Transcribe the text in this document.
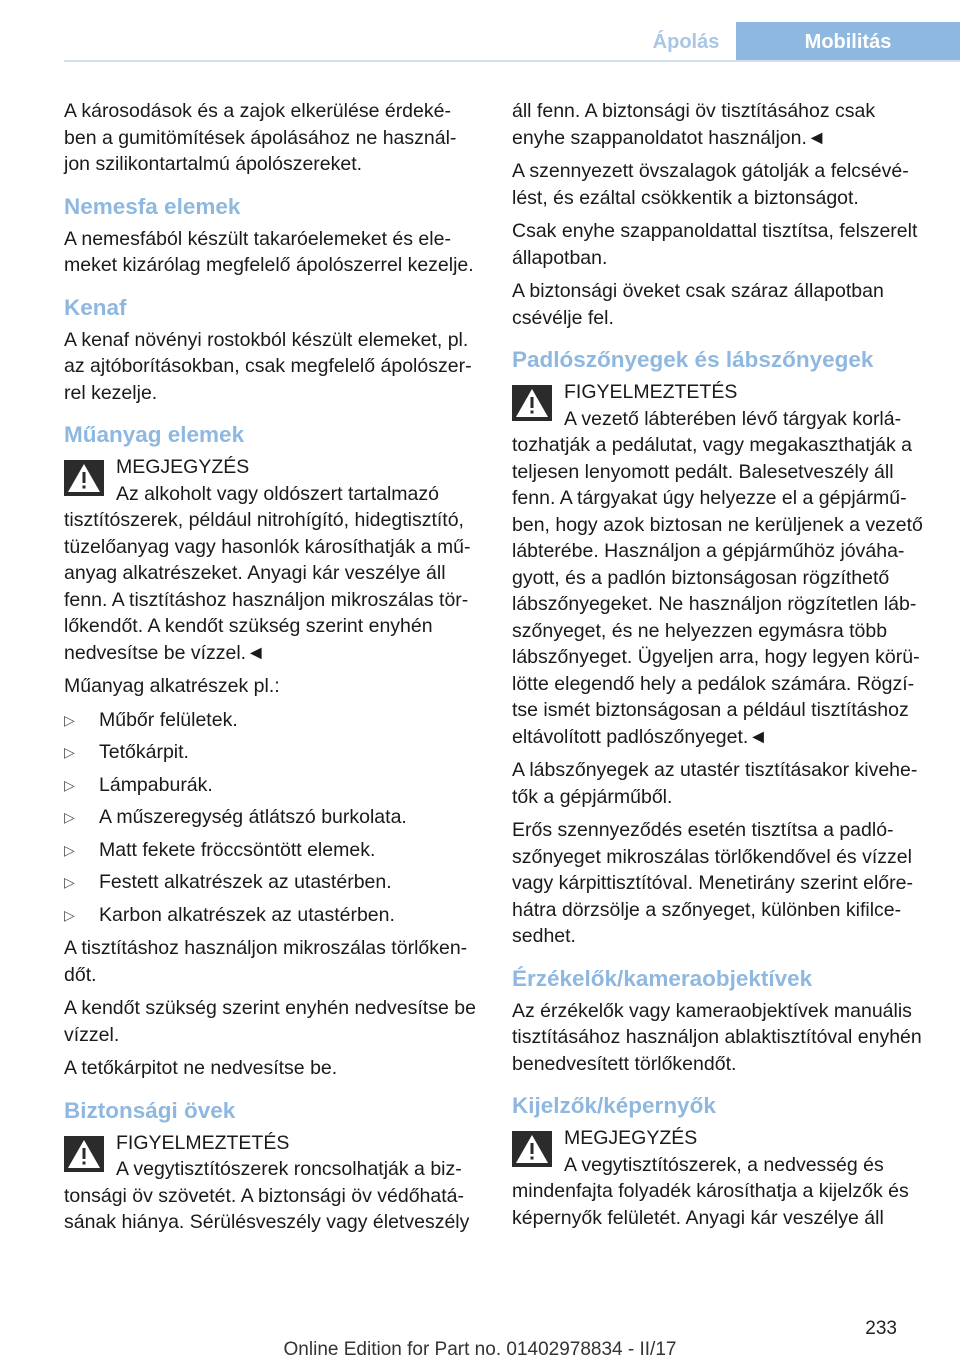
Ápolás	Mobilitás

A károsodások és a zajok elkerülése érdeké-ben a gumitömítések ápolásához ne használ-jon szilikontartalmú ápolószereket.

Nemesfa elemek

A nemesfából készült takaróelemeket és ele-meket kizárólag megfelelő ápolószerrel kezelje.

Kenaf

A kenaf növényi rostokból készült elemeket, pl. az ajtóborításokban, csak megfelelő ápolószer-rel kezelje.

Műanyag elemek
MEGJEGYZÉS
Az alkoholt vagy oldószert tartalmazó
tisztítószerek, például nitrohígító, hidegtisztító, tüzelőanyag vagy hasonlók károsíthatják a mű-anyag alkatrészeket. Anyagi kár veszélye áll fenn. A tisztításhoz használjon mikroszálas tör-lőkendőt. A kendőt szükség szerint enyhén nedvesítse be vízzel.◄

Műanyag alkatrészek pl.:

▷ Műbőr felületek.
▷ Tetőkárpit.
▷ Lámpaburák.
▷ A műszeregység átlátszó burkolata.
▷ Matt fekete fröccsöntött elemek.
▷ Festett alkatrészek az utastérben.
▷ Karbon alkatrészek az utastérben.

A tisztításhoz használjon mikroszálas törlőken-dőt.

A kendőt szükség szerint enyhén nedvesítse be vízzel.

A tetőkárpitot ne nedvesítse be.

Biztonsági övek
FIGYELMEZTETÉS
A vegytisztítószerek roncsolhatják a biz-
tonsági öv szövetét. A biztonsági öv védőhatá-sának hiánya. Sérülésveszély vagy életveszély

áll fenn. A biztonsági öv tisztításához csak enyhe szappanoldatot használjon.◄

A szennyezett övszalagok gátolják a felcsévé-lést, és ezáltal csökkentik a biztonságot.

Csak enyhe szappanoldattal tisztítsa, felszerelt állapotban.

A biztonsági öveket csak száraz állapotban csévélje fel.

Padlószőnyegek és lábszőnyegek
FIGYELMEZTETÉS
A vezető lábterében lévő tárgyak korlá-
tozhatják a pedálutat, vagy megakaszthatják a teljesen lenyomott pedált. Balesetveszély áll fenn. A tárgyakat úgy helyezze el a gépjármű-ben, hogy azok biztosan ne kerüljenek a vezető lábterébe. Használjon a gépjárműhöz jóváha-gyott, és a padlón biztonságosan rögzíthető lábszőnyegeket. Ne használjon rögzítetlen láb-szőnyeget, és ne helyezzen egymásra több lábszőnyeget. Ügyeljen arra, hogy legyen körü-lötte elegendő hely a pedálok számára. Rögzí-tse ismét biztonságosan a például tisztításhoz eltávolított padlószőnyeget.◄

A lábszőnyegek az utastér tisztításakor kivehe-tők a gépjárműből.

Erős szennyeződés esetén tisztítsa a padló-szőnyeget mikroszálas törlőkendővel és vízzel vagy kárpittisztítóval. Menetirány szerint előre-hátra dörzsölje a szőnyeget, különben kifilce-sedhet.

Érzékelők/kameraobjektívek

Az érzékelők vagy kameraobjektívek manuális tisztításához használjon ablaktisztítóval enyhén benedvesített törlőkendőt.

Kijelzők/képernyők
MEGJEGYZÉS
A vegytisztítószerek, a nedvesség és
mindenfajta folyadék károsíthatja a kijelzők és képernyők felületét. Anyagi kár veszélye áll
233
Online Edition for Part no. 01402978834 - II/17
